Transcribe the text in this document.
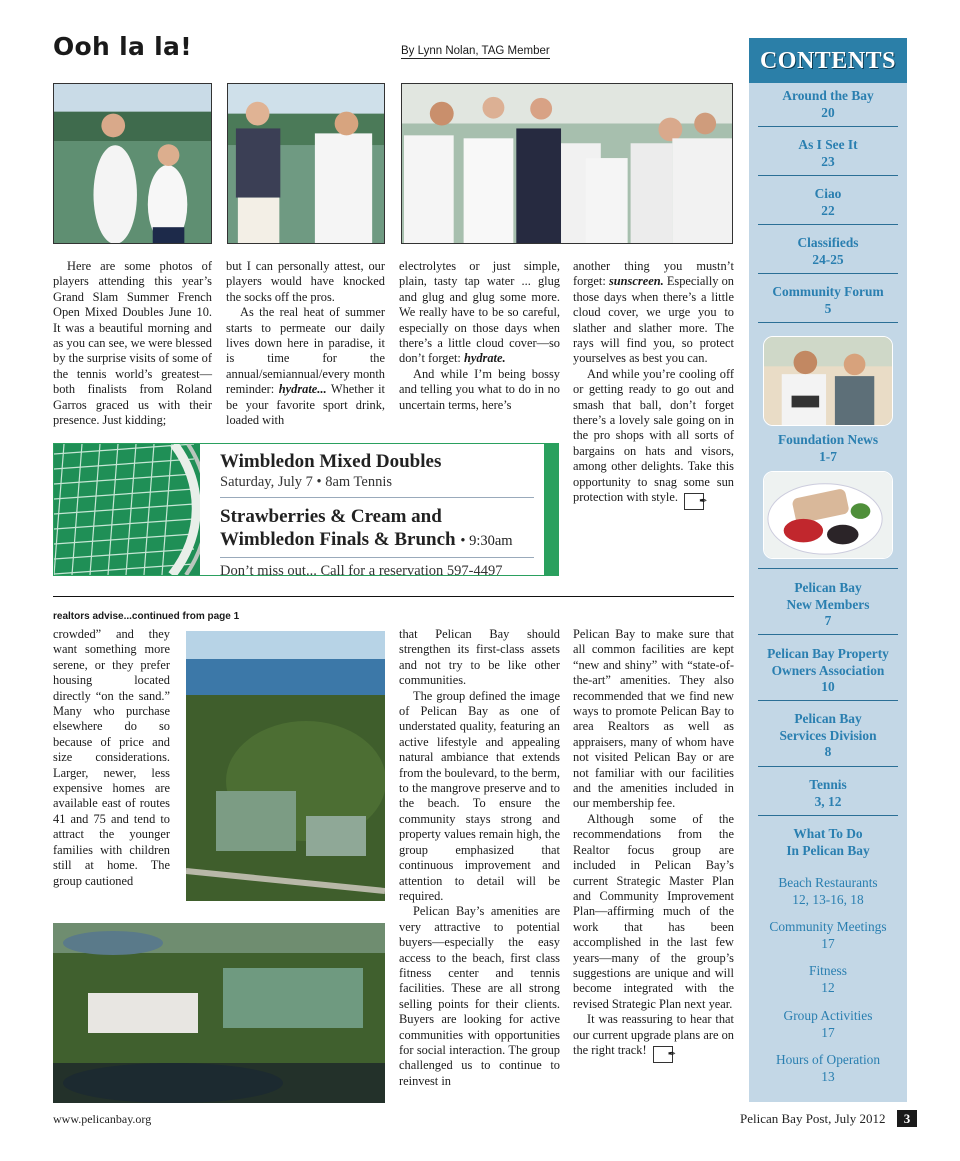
Ooh la la!	By Lynn Nolan, TAG Member

Here are some photos of players attending this year’s Grand Slam Summer French Open Mixed Doubles June 10. It was a beautiful morning and as you can see, we were blessed by the surprise visits of some of the tennis world’s greatest—both finalists from Roland Garros graced us with their presence. Just kidding;

but I can personally attest, our players would have knocked the socks off the pros.

As the real heat of summer starts to permeate our daily lives down here in paradise, it is time for the annual/semiannual/every month reminder: hydrate... Whether it be your favorite sport drink, loaded with

electrolytes or just simple, plain, tasty tap water ... glug and glug and glug some more. We really have to be so careful, especially on those days when there’s a little cloud cover—so don’t forget: hydrate.

And while I’m being bossy and telling you what to do in no uncertain terms, here’s

another thing you mustn’t forget: sunscreen. Especially on those days when there’s a little cloud cover, we urge you to slather and slather more. The rays will find you, so protect yourselves as best you can.

And while you’re cooling off or getting ready to go out and smash that ball, don’t forget there’s a lovely sale going on in the pro shops with all sorts of bargains on hats and visors, among other delights. Take this opportunity to snag some sun protection with style. ✒

Wimbledon Mixed Doubles
Saturday, July 7 • 8am Tennis
Strawberries & Cream and Wimbledon Finals & Brunch • 9:30am
Don’t miss out... Call for a reservation 597-4497
realtors advise...continued from page 1

crowded” and they want something more serene, or they prefer housing located directly “on the sand.” Many who purchase elsewhere do so because of price and size considerations. Larger, newer, less expensive homes are available east of routes 41 and 75 and tend to attract the younger families with children still at home. The group cautioned

that Pelican Bay should strengthen its first-class assets and not try to be like other communities.

The group defined the image of Pelican Bay as one of understated quality, featuring an active lifestyle and appealing natural ambiance that extends from the boulevard, to the berm, to the mangrove preserve and to the beach. To ensure the community stays strong and property values remain high, the group emphasized that continuous improvement and attention to detail will be required.

Pelican Bay’s amenities are very attractive to potential buyers—especially the easy access to the beach, first class fitness center and tennis facilities. These are all strong selling points for their clients. Buyers are looking for active communities with opportunities for social interaction. The group challenged us to continue to reinvest in

Pelican Bay to make sure that all common facilities are kept “new and shiny” with “state-of-the-art” amenities. They also recommended that we find new ways to promote Pelican Bay to area Realtors as well as appraisers, many of whom have not visited Pelican Bay or are not familiar with our facilities and the amenities included in our membership fee.

Although some of the recommendations from the Realtor focus group are included in Pelican Bay’s current Strategic Master Plan and Community Improvement Plan—affirming much of the work that has been accomplished in the last few years—many of the group’s suggestions are unique and will become integrated with the revised Strategic Plan next year.

It was reassuring to hear that our current upgrade plans are on the right track! ✒

CONTENTS
Around the Bay
20
As I See It
23
Ciao
22
Classifieds
24-25
Community Forum
5
Foundation News
1-7
Pelican Bay
New Members
7
Pelican Bay Property
Owners Association
10
Pelican Bay
Services Division
8
Tennis
3, 12
What To Do
In Pelican Bay
Beach Restaurants
12, 13-16, 18
Community Meetings
17
Fitness
12
Group Activities
17
Hours of Operation
13
www.pelicanbay.org	Pelican Bay Post, July 2012	3
